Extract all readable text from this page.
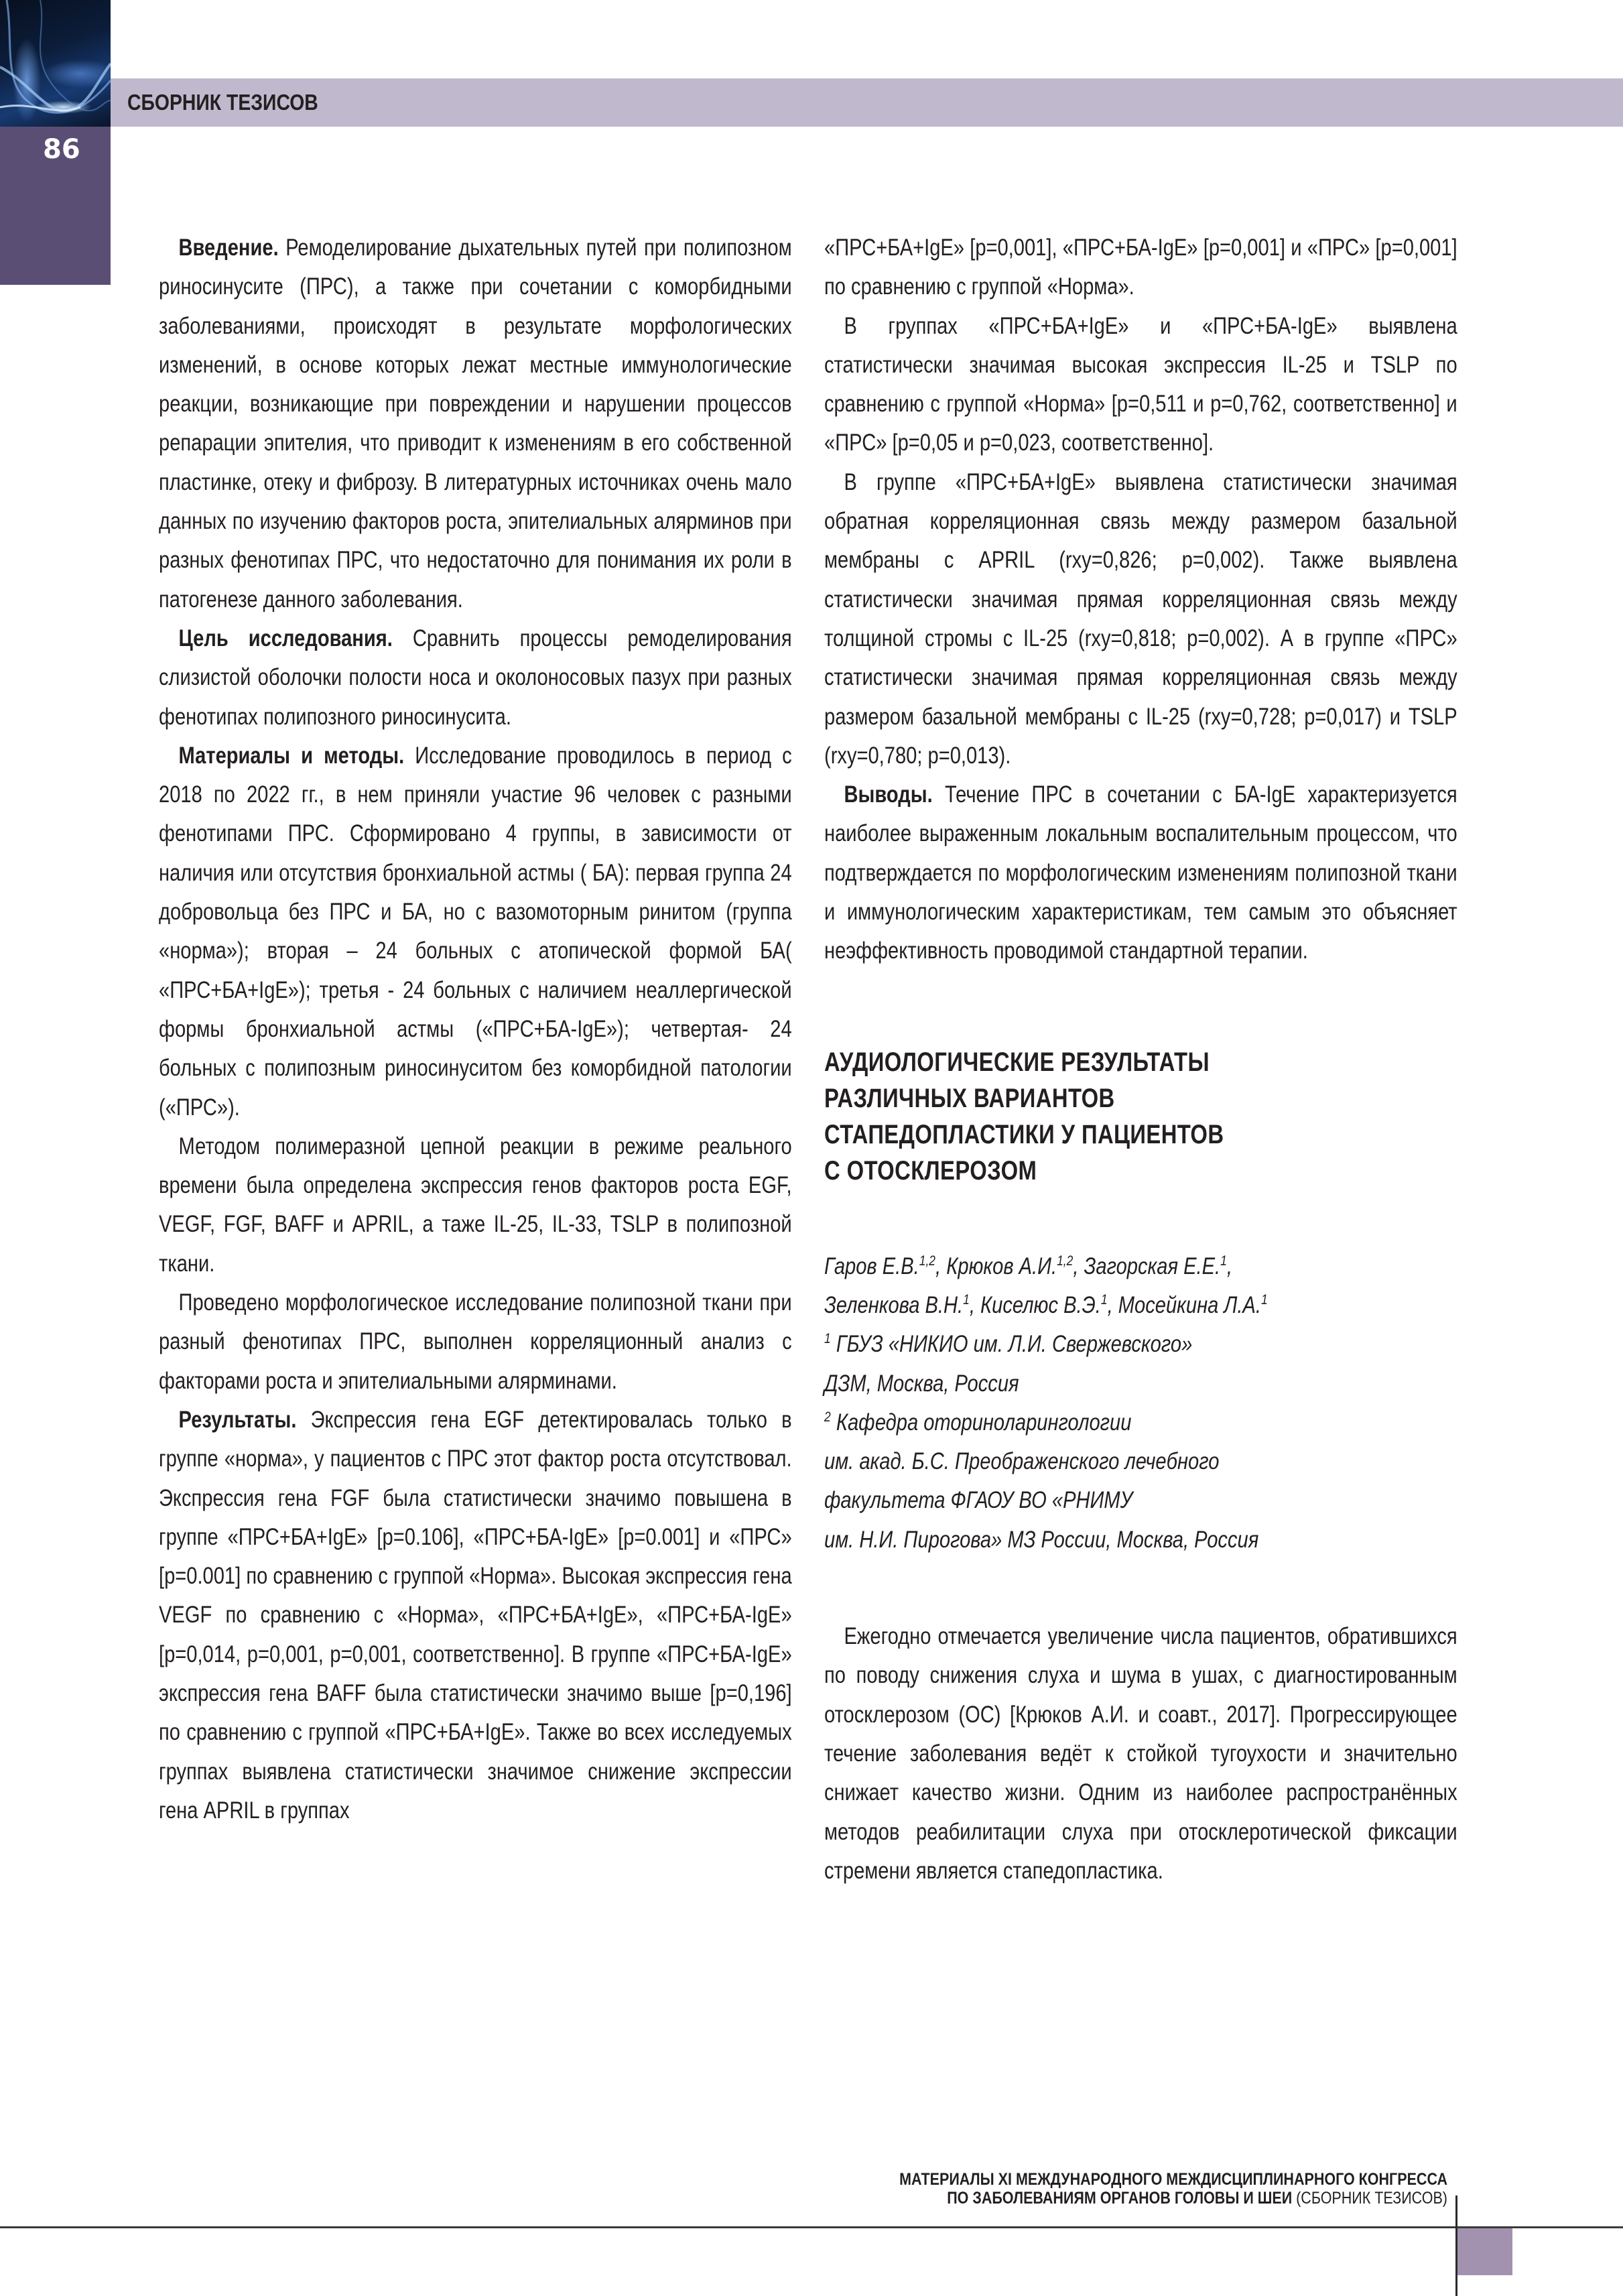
86
СБОРНИК ТЕЗИСОВ

Введение. Ремоделирование дыхательных путей при полипозном риносинусите (ПРС), а также при сочетании с коморбидными заболеваниями, происходят в результате морфологических изменений, в основе которых лежат местные иммунологические реакции, возникающие при повреждении и нарушении процессов репарации эпителия, что приводит к изменениям в его собственной пластинке, отеку и фиброзу. В литературных источниках очень мало данных по изучению факторов роста, эпителиальных алярминов при разных фенотипах ПРС, что недостаточно для понимания их роли в патогенезе данного заболевания.

Цель исследования. Сравнить процессы ремоделирования слизистой оболочки полости носа и околоносовых пазух при разных фенотипах полипозного риносинусита.

Материалы и методы. Исследование проводилось в период с 2018 по 2022 гг., в нем приняли участие 96 человек с разными фенотипами ПРС. Сформировано 4 группы, в зависимости от наличия или отсутствия бронхиальной астмы ( БА): первая группа 24 добровольца без ПРС и БА, но с вазомоторным ринитом (группа «норма»); вторая – 24 больных с атопической формой БА( «ПРС+БА+IgE»); третья - 24 больных с наличием неаллергической формы бронхиальной астмы («ПРС+БА-IgE»); четвертая- 24 больных с полипозным риносинуситом без коморбидной патологии («ПРС»).

Методом полимеразной цепной реакции в режиме реального времени была определена экспрессия генов факторов роста EGF, VEGF, FGF, BAFF и APRIL, а таже IL-25, IL-33, TSLP в полипозной ткани.

Проведено морфологическое исследование полипозной ткани при разный фенотипах ПРС, выполнен корреляционный анализ с факторами роста и эпителиальными алярминами.

Результаты. Экспрессия гена EGF детектировалась только в группе «норма», у пациентов с ПРС этот фактор роста отсутствовал. Экспрессия гена FGF была статистически значимо повышена в группе «ПРС+БА+IgE» [p=0.106], «ПРС+БА-IgE» [p=0.001] и «ПРС» [p=0.001] по сравнению с группой «Норма». Высокая экспрессия гена VEGF по сравнению с «Норма», «ПРС+БА+IgE», «ПРС+БА-IgE» [p=0,014, p=0,001, p=0,001, соответственно]. В группе «ПРС+БА-IgE» экспрессия гена BAFF была статистически значимо выше [p=0,196] по сравнению с группой «ПРС+БА+IgE». Также во всех исследуемых группах выявлена статистически значимое снижение экспрессии гена APRIL в группах

«ПРС+БА+IgE» [p=0,001], «ПРС+БА-IgE» [p=0,001] и «ПРС» [p=0,001] по сравнению с группой «Норма».

В группах «ПРС+БА+IgE» и «ПРС+БА-IgE» выявлена статистически значимая высокая экспрессия IL-25 и TSLP по сравнению с группой «Норма» [p=0,511 и p=0,762, соответственно] и «ПРС» [p=0,05 и p=0,023, соответственно].

В группе «ПРС+БА+IgE» выявлена статистически значимая обратная корреляционная связь между размером базальной мембраны с APRIL (rxy=0,826; p=0,002). Также выявлена статистически значимая прямая корреляционная связь между толщиной стромы с IL-25 (rxy=0,818; p=0,002). А в группе «ПРС» статистически значимая прямая корреляционная связь между размером базальной мембраны с IL-25 (rxy=0,728; p=0,017) и TSLP (rxy=0,780; p=0,013).

Выводы. Течение ПРС в сочетании с БА-IgE характеризуется наиболее выраженным локальным воспалительным процессом, что подтверждается по морфологическим изменениям полипозной ткани и иммунологическим характеристикам, тем самым это объясняет неэффективность проводимой стандартной терапии.

АУДИОЛОГИЧЕСКИЕ РЕЗУЛЬТАТЫ
РАЗЛИЧНЫХ ВАРИАНТОВ
СТАПЕДОПЛАСТИКИ У ПАЦИЕНТОВ
С ОТОСКЛЕРОЗОМ
Гаров Е.В.$^{1,2}$, Крюков А.И.$^{1,2}$, Загорская Е.Е.$^1$,
Зеленкова В.Н.$^1$, Киселюс В.Э.$^1$, Мосейкина Л.А.$^1$
$^1$ ГБУЗ «НИКИО им. Л.И. Свержевского»
ДЗМ, Москва, Россия
$^2$ Кафедра оториноларингологии
им. акад. Б.С. Преображенского лечебного
факультета ФГАОУ ВО «РНИМУ
им. Н.И. Пирогова» МЗ России, Москва, Россия

Ежегодно отмечается увеличение числа пациентов, обратившихся по поводу снижения слуха и шума в ушах, с диагностированным отосклерозом (ОС) [Крюков А.И. и соавт., 2017]. Прогрессирующее течение заболевания ведёт к стойкой тугоухости и значительно снижает качество жизни. Одним из наиболее распространённых методов реабилитации слуха при отосклеротической фиксации стремени является стапедопластика.

МАТЕРИАЛЫ XI МЕЖДУНАРОДНОГО МЕЖДИСЦИПЛИНАРНОГО КОНГРЕССА
ПО ЗАБОЛЕВАНИЯМ ОРГАНОВ ГОЛОВЫ И ШЕИ (СБОРНИК ТЕЗИСОВ)
